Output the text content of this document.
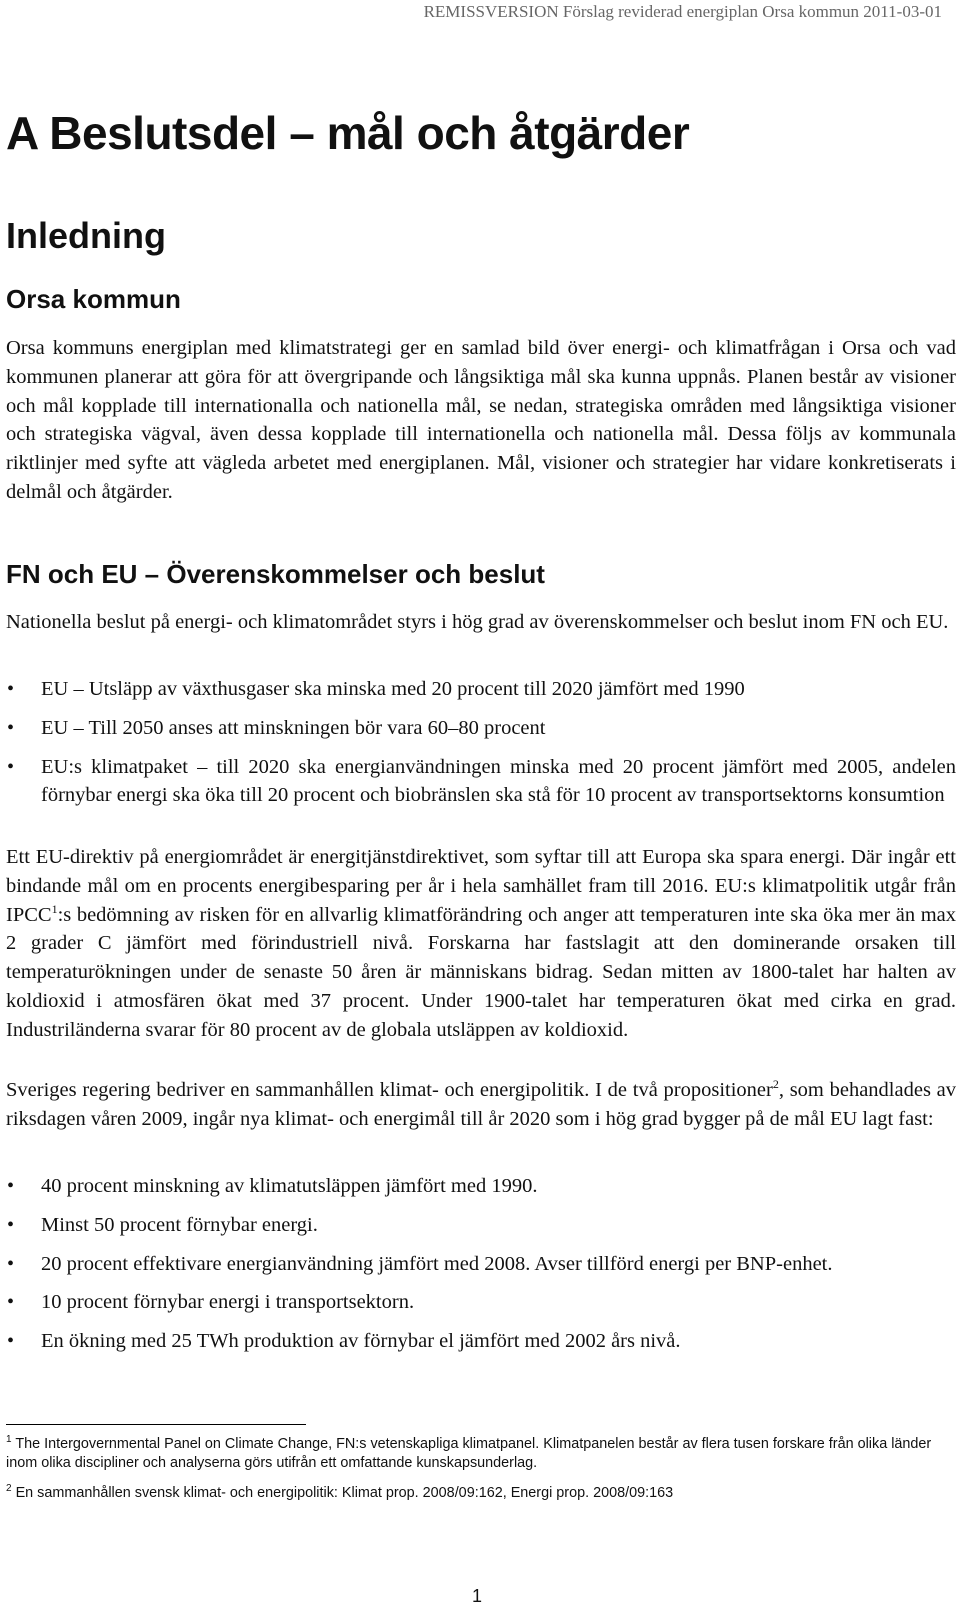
REMISSVERSION Förslag reviderad energiplan Orsa kommun 2011-03-01
A Beslutsdel – mål och åtgärder
Inledning
Orsa kommun

Orsa kommuns energiplan med klimatstrategi ger en samlad bild över energi- och klimatfrågan i Orsa och vad kommunen planerar att göra för att övergripande och långsiktiga mål ska kunna uppnås. Planen består av visioner och mål kopplade till internationalla och nationella mål, se nedan, strategiska områden med långsiktiga visioner och strategiska vägval, även dessa kopplade till internationella och nationella mål. Dessa följs av kommunala riktlinjer med syfte att vägleda arbetet med energiplanen. Mål, visioner och strategier har vidare konkretiserats i delmål och åtgärder.

FN och EU – Överenskommelser och beslut

Nationella beslut på energi- och klimatområdet styrs i hög grad av överenskommelser och beslut inom FN och EU.

• EU – Utsläpp av växthusgaser ska minska med 20 procent till 2020 jämfört med 1990
• EU – Till 2050 anses att minskningen bör vara 60–80 procent
• EU:s klimatpaket – till 2020 ska energianvändningen minska med 20 procent jämfört med 2005, andelen förnybar energi ska öka till 20 procent och biobränslen ska stå för 10 procent av transportsektorns konsumtion

Ett EU-direktiv på energiområdet är energitjänstdirektivet, som syftar till att Europa ska spara energi. Där ingår ett bindande mål om en procents energibesparing per år i hela samhället fram till 2016. EU:s klimatpolitik utgår från IPCC$^1$:s bedömning av risken för en allvarlig klimatförändring och anger att temperaturen inte ska öka mer än max 2 grader C jämfört med förindustriell nivå. Forskarna har fastslagit att den dominerande orsaken till temperaturökningen under de senaste 50 åren är människans bidrag. Sedan mitten av 1800-talet har halten av koldioxid i atmosfären ökat med 37 procent. Under 1900-talet har temperaturen ökat med cirka en grad. Industriländerna svarar för 80 procent av de globala utsläppen av koldioxid.

Sveriges regering bedriver en sammanhållen klimat- och energipolitik. I de två propositioner$^2$, som behandlades av riksdagen våren 2009, ingår nya klimat- och energimål till år 2020 som i hög grad bygger på de mål EU lagt fast:

• 40 procent minskning av klimatutsläppen jämfört med 1990.
• Minst 50 procent förnybar energi.
• 20 procent effektivare energianvändning jämfört med 2008. Avser tillförd energi per BNP-enhet.
• 10 procent förnybar energi i transportsektorn.
• En ökning med 25 TWh produktion av förnybar el jämfört med 2002 års nivå.

$^1$ The Intergovernmental Panel on Climate Change, FN:s vetenskapliga klimatpanel. Klimatpanelen består av flera tusen forskare från olika länder inom olika discipliner och analyserna görs utifrån ett omfattande kunskapsunderlag.

$^2$ En sammanhållen svensk klimat- och energipolitik: Klimat prop. 2008/09:162, Energi prop. 2008/09:163

1
